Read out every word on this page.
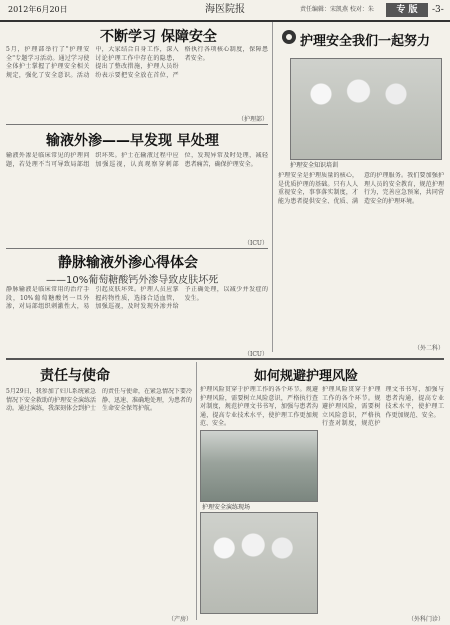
2012年6月20日	海医院报	责任编辑：宋凯燕 校对：朱	专 版	-3-
不断学习 保障安全
5月，护理部举行了"护理安全"专题学习活动。通过学习使全体护士掌握了护理安全相关规定，强化了安全意识。活动中，大家结合自身工作，深入讨论护理工作中存在的隐患，提出了整改措施，护理人员纷纷表示要把安全放在首位，严格执行各项核心制度，保障患者安全。
（护理部）
护理安全我们一起努力
护理安全知识培训
护理安全是护理质量的核心，是优质护理的基础。只有人人重视安全，事事落实制度，才能为患者提供安全、优质、满意的护理服务。我们要加强护理人员的安全教育，规范护理行为，完善应急预案，共同营造安全的护理环境。
（外二科）
输液外渗——早发现 早处理
输液外渗是临床常见的护理问题，若处理不当可导致局部组织坏死。护士在输液过程中应加强巡视，认真观察穿刺部位，发现异常及时处理，减轻患者痛苦，确保护理安全。
（ICU）
静脉输液外渗心得体会
——10%葡萄糖酸钙外渗导致皮肤坏死
静脉输液是临床常用的治疗手段，10%葡萄糖酸钙一旦外渗，对局部组织刺激性大，易引起皮肤坏死。护理人员应掌握药物性质，选择合适血管，加强巡视，及时发现外渗并给予正确处理，以减少并发症的发生。
（ICU）
责任与使命
5月29日，我参加了妇儿系统紧急情况下安全救助的护理安全演练活动。通过演练，我深刻体会到护士的责任与使命，在紧急情况下要冷静、迅速、准确地处理，为患者的生命安全保驾护航。
（产房）
如何规避护理风险
护理风险贯穿于护理工作的各个环节。规避护理风险，需要树立风险意识，严格执行查对制度，规范护理文书书写，加强与患者沟通，提高专业技术水平，使护理工作更加规范、安全。
护理安全演练现场
护理风险贯穿于护理工作的各个环节。规避护理风险，需要树立风险意识，严格执行查对制度，规范护理文书书写，加强与患者沟通，提高专业技术水平，使护理工作更加规范、安全。
（外科门诊）
